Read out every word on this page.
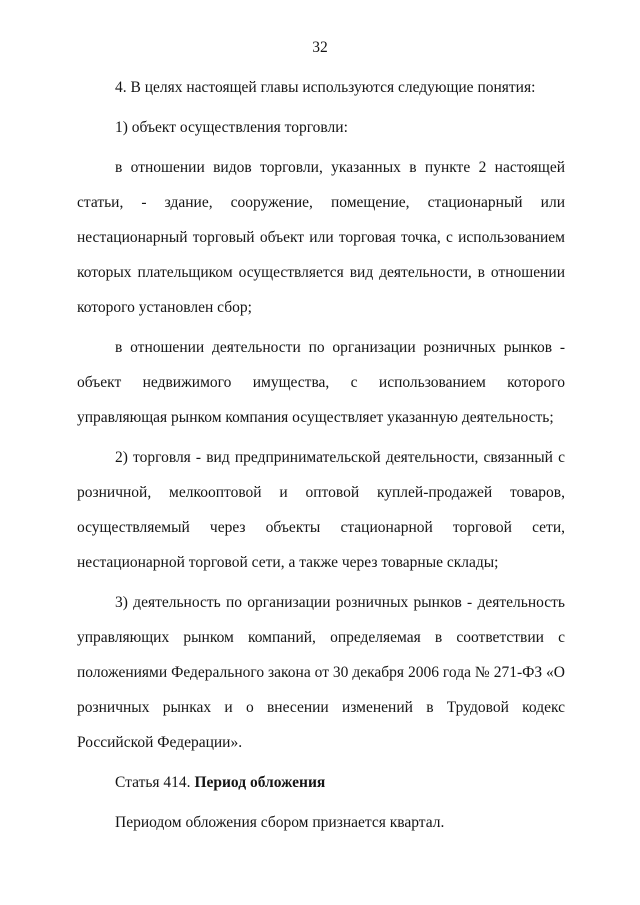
32

4. В целях настоящей главы используются следующие понятия:

1) объект осуществления торговли:

в отношении видов торговли, указанных в пункте 2 настоящей статьи, - здание, сооружение, помещение, стационарный или нестационарный торговый объект или торговая точка, с использованием которых плательщиком осуществляется вид деятельности, в отношении которого установлен сбор;

в отношении деятельности по организации розничных рынков - объект недвижимого имущества, с использованием которого управляющая рынком компания осуществляет указанную деятельность;

2) торговля - вид предпринимательской деятельности, связанный с розничной, мелкооптовой и оптовой куплей-продажей товаров, осуществляемый через объекты стационарной торговой сети, нестационарной торговой сети, а также через товарные склады;

3) деятельность по организации розничных рынков - деятельность управляющих рынком компаний, определяемая в соответствии с положениями Федерального закона от 30 декабря 2006 года № 271-ФЗ «О розничных рынках и о внесении изменений в Трудовой кодекс Российской Федерации».

Статья 414. Период обложения

Периодом обложения сбором признается квартал.
